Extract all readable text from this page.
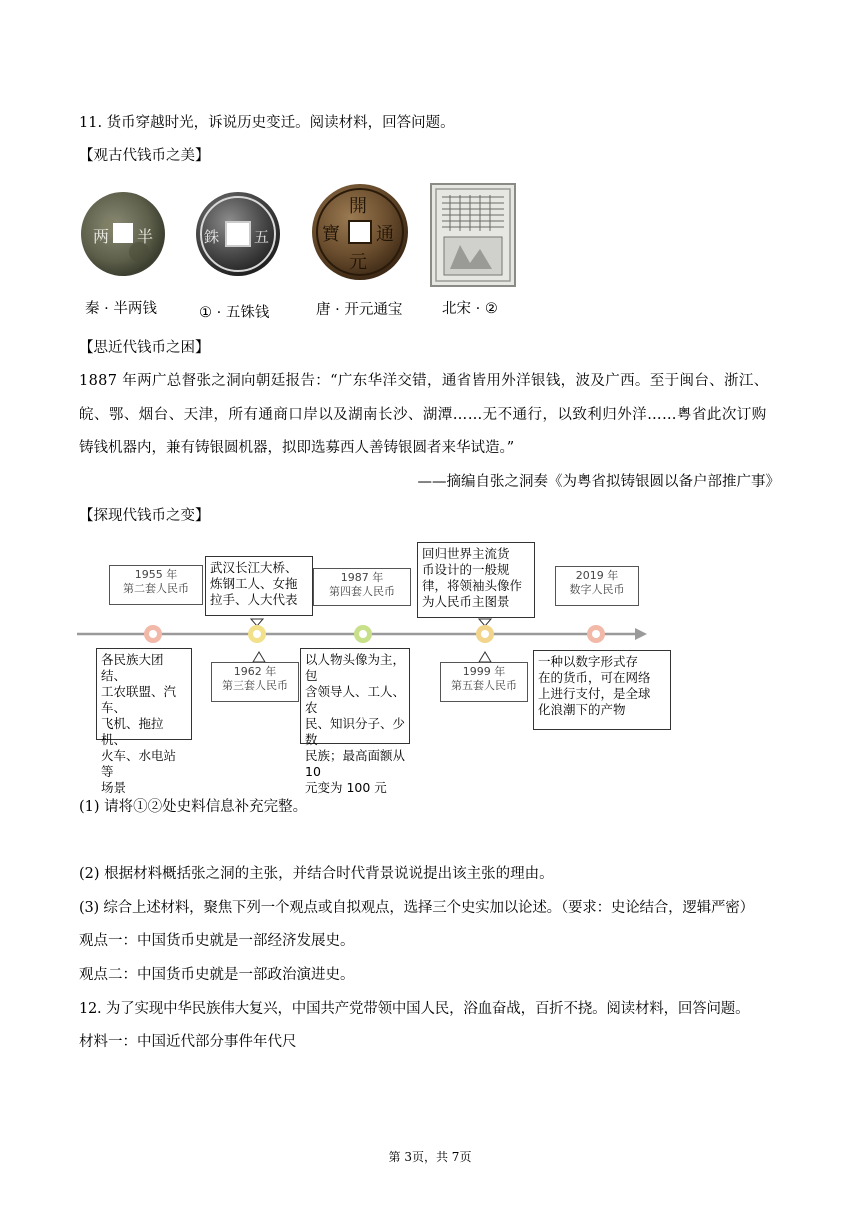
11. 货币穿越时光，诉说历史变迁。阅读材料，回答问题。
【观古代钱币之美】
两 半	銖 五
開
元
寶 通
秦 · 半两钱	① · 五铢钱	唐 · 开元通宝	北宋 · ②
【思近代钱币之困】
1887 年两广总督张之洞向朝廷报告：“广东华洋交错，通省皆用外洋银钱，波及广西。至于闽台、浙江、
皖、鄂、烟台、天津，所有通商口岸以及湖南长沙、湖潭……无不通行，以致利归外洋……粤省此次订购
铸钱机器内，兼有铸银圆机器，拟即选募西人善铸银圆者来华试造。”
——摘编自张之洞奏《为粤省拟铸银圆以备户部推广事》
【探现代钱币之变】
1955 年
第二套人民币
1987 年
第四套人民币
2019 年
数字人民币
1962 年
第三套人民币
1999 年
第五套人民币
武汉长江大桥、
炼钢工人、女拖
拉手、人大代表
回归世界主流货
币设计的一般规
律，将领袖头像作
为人民币主图景
各民族大团结、
工农联盟、汽车、
飞机、拖拉机、
火车、水电站等
场景
以人物头像为主，包
含领导人、工人、农
民、知识分子、少数
民族；最高面额从 10
元变为 100 元
一种以数字形式存
在的货币，可在网络
上进行支付，是全球
化浪潮下的产物
(1) 请将①②处史料信息补充完整。
(2) 根据材料概括张之洞的主张，并结合时代背景说说提出该主张的理由。
(3) 综合上述材料，聚焦下列一个观点或自拟观点，选择三个史实加以论述。（要求：史论结合，逻辑严密）
观点一：中国货币史就是一部经济发展史。
观点二：中国货币史就是一部政治演进史。
12. 为了实现中华民族伟大复兴，中国共产党带领中国人民，浴血奋战，百折不挠。阅读材料，回答问题。
材料一：中国近代部分事件年代尺
第 3页，共 7页
